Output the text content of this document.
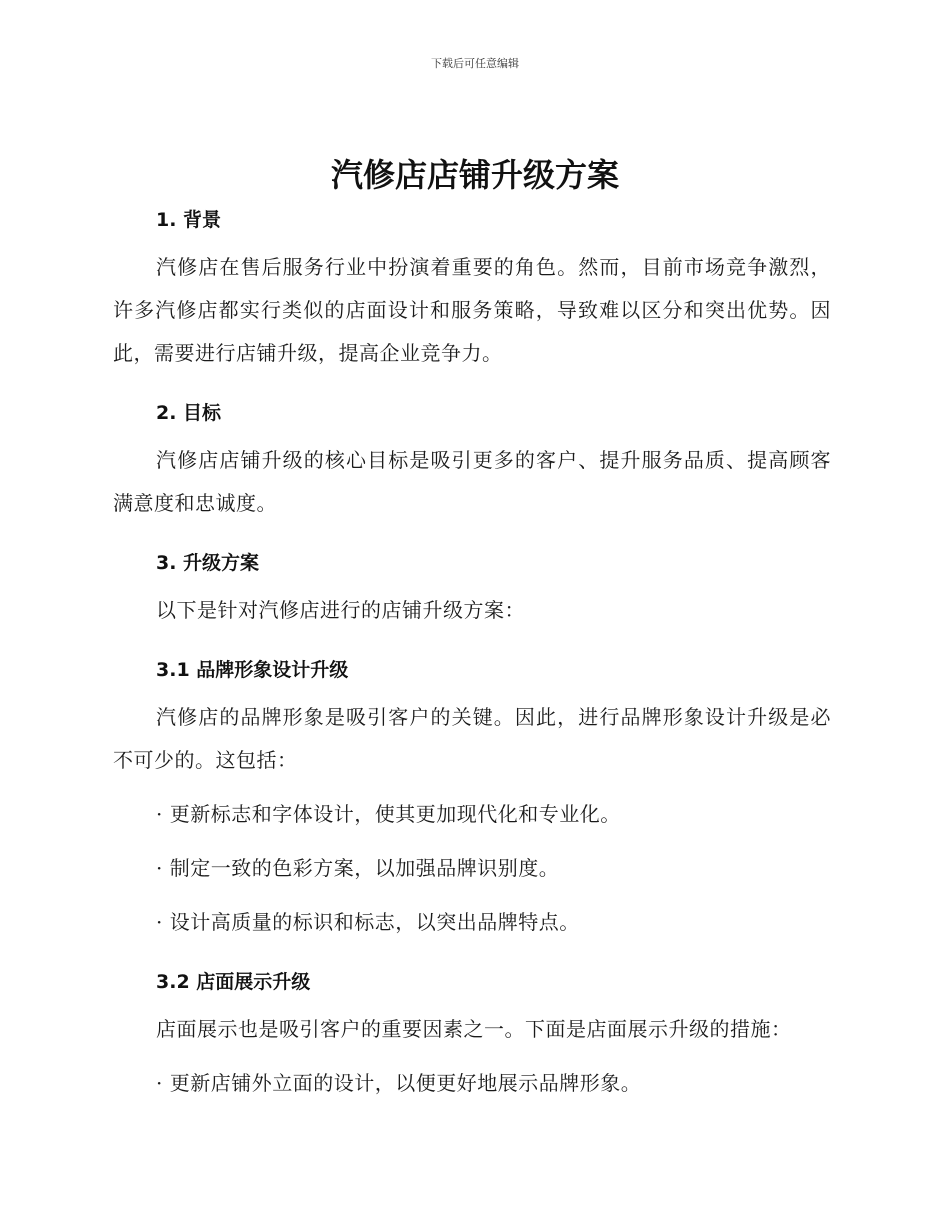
下载后可任意编辑
汽修店店铺升级方案
1. 背景

汽修店在售后服务行业中扮演着重要的角色。然而，目前市场竞争激烈，许多汽修店都实行类似的店面设计和服务策略，导致难以区分和突出优势。因此，需要进行店铺升级，提高企业竞争力。

2. 目标

汽修店店铺升级的核心目标是吸引更多的客户、提升服务品质、提高顾客满意度和忠诚度。

3. 升级方案

以下是针对汽修店进行的店铺升级方案：

3.1 品牌形象设计升级

汽修店的品牌形象是吸引客户的关键。因此，进行品牌形象设计升级是必不可少的。这包括：

· 更新标志和字体设计，使其更加现代化和专业化。

· 制定一致的色彩方案，以加强品牌识别度。

· 设计高质量的标识和标志，以突出品牌特点。

3.2 店面展示升级

店面展示也是吸引客户的重要因素之一。下面是店面展示升级的措施：

· 更新店铺外立面的设计，以便更好地展示品牌形象。
